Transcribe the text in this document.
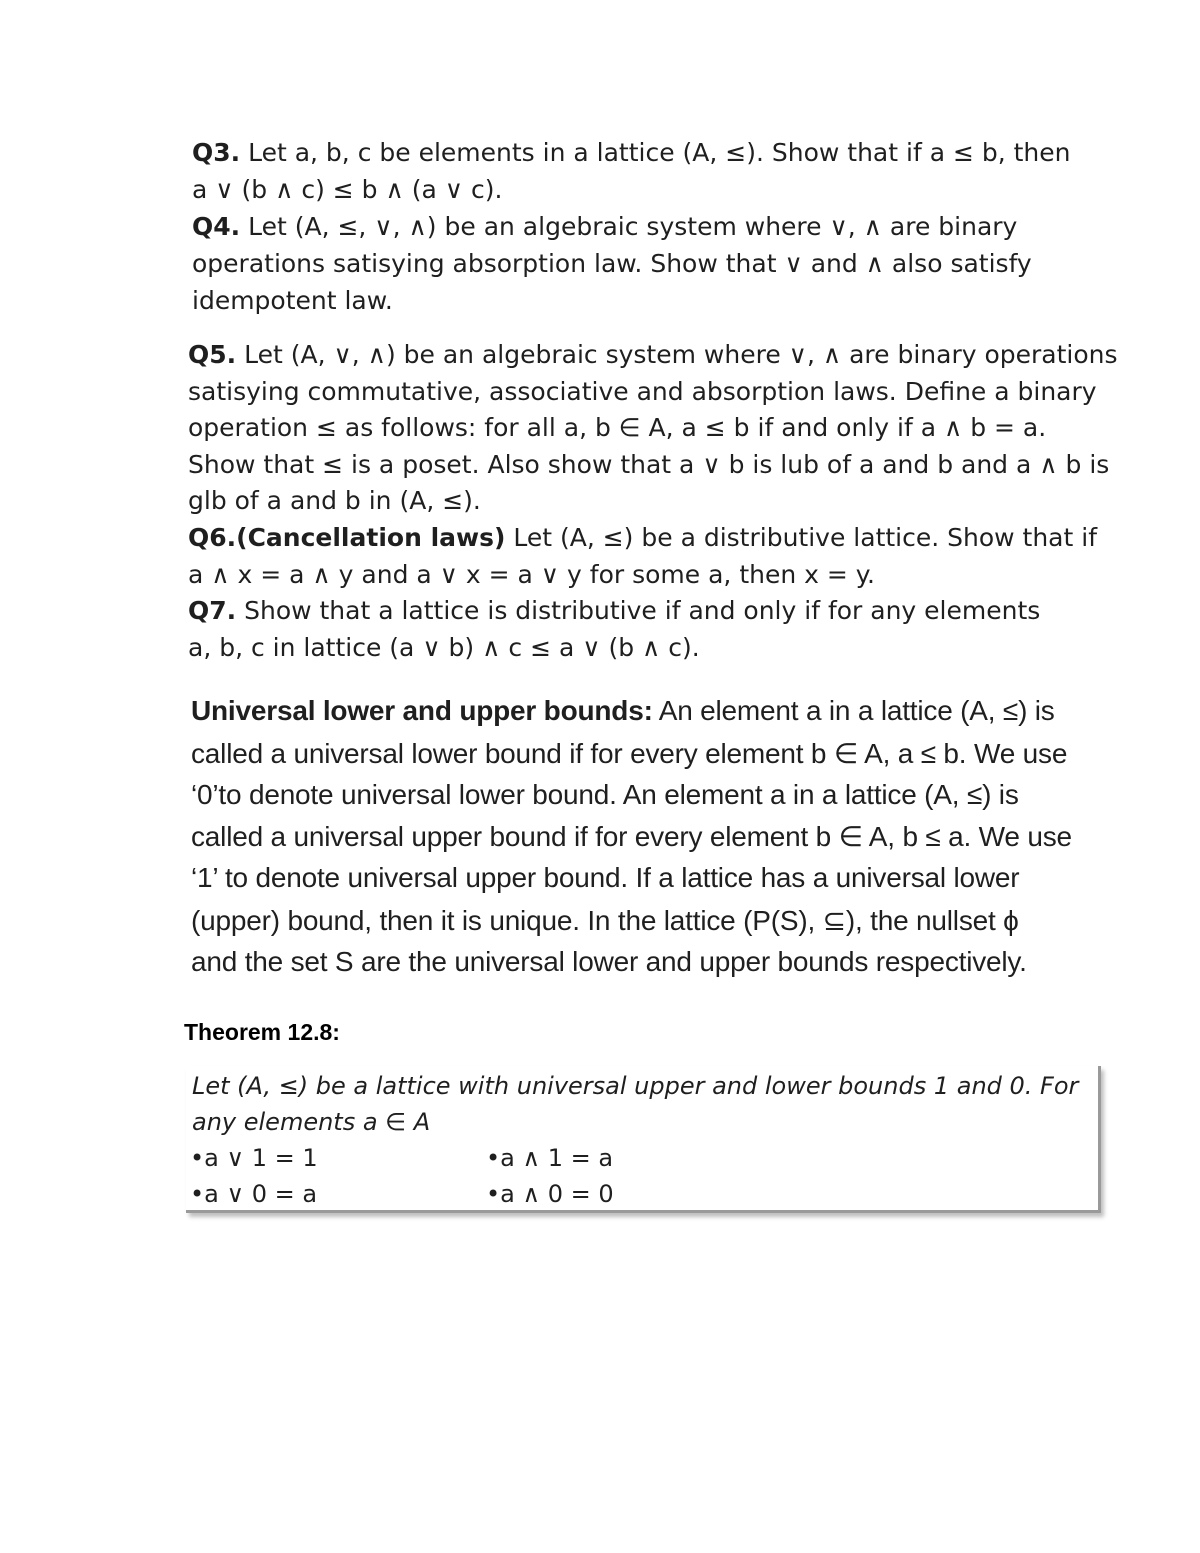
Q3. Let a, b, c be elements in a lattice (A, ≤). Show that if a ≤ b, then
a ∨ (b ∧ c) ≤ b ∧ (a ∨ c).
Q4. Let (A, ≤, ∨, ∧) be an algebraic system where ∨, ∧ are binary
operations satisying absorption law. Show that ∨ and ∧ also satisfy
idempotent law.
Q5. Let (A, ∨, ∧) be an algebraic system where ∨, ∧ are binary operations
satisying commutative, associative and absorption laws. Define a binary
operation ≤ as follows: for all a, b ∈ A, a ≤ b if and only if a ∧ b = a.
Show that ≤ is a poset. Also show that a ∨ b is lub of a and b and a ∧ b is
glb of a and b in (A, ≤).
Q6.(Cancellation laws) Let (A, ≤) be a distributive lattice. Show that if
a ∧ x = a ∧ y and a ∨ x = a ∨ y for some a, then x = y.
Q7. Show that a lattice is distributive if and only if for any elements
a, b, c in lattice (a ∨ b) ∧ c ≤ a ∨ (b ∧ c).
Universal lower and upper bounds: An element a in a lattice (A, ≤) is
called a universal lower bound if for every element b ∈ A, a ≤ b. We use
‘0’to denote universal lower bound. An element a in a lattice (A, ≤) is
called a universal upper bound if for every element b ∈ A, b ≤ a. We use
‘1’ to denote universal upper bound. If a lattice has a universal lower
(upper) bound, then it is unique. In the lattice (P(S), ⊆), the nullset ϕ
and the set S are the universal lower and upper bounds respectively.
Theorem 12.8:
Let (A, ≤) be a lattice with universal upper and lower bounds 1 and 0. For
any elements a ∈ A
•a ∨ 1 = 1	•a ∧ 1 = a
•a ∨ 0 = a	•a ∧ 0 = 0
